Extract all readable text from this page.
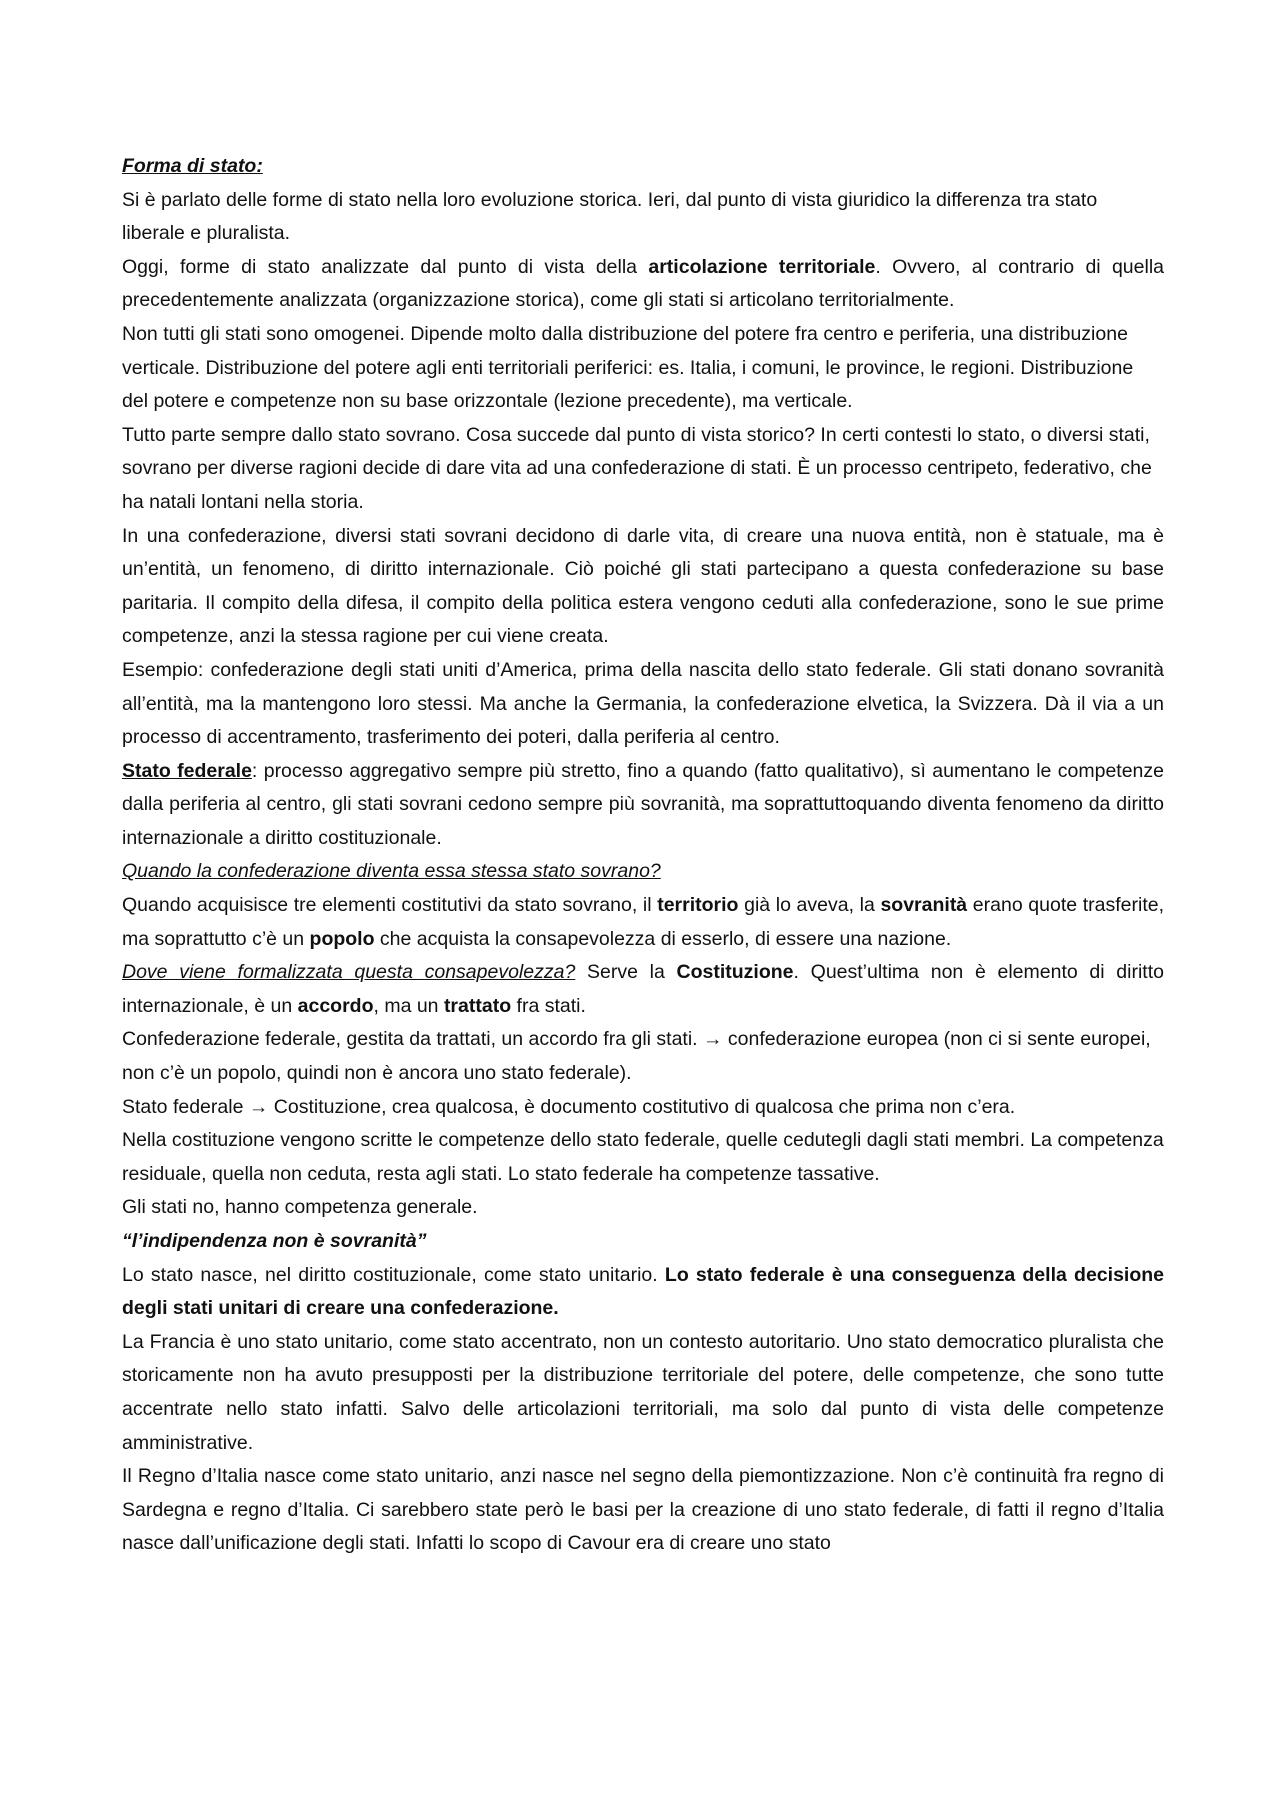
Forma di stato:

Si è parlato delle forme di stato nella loro evoluzione storica. Ieri, dal punto di vista giuridico la differenza tra stato liberale e pluralista.

Oggi, forme di stato analizzate dal punto di vista della articolazione territoriale. Ovvero, al contrario di quella precedentemente analizzata (organizzazione storica), come gli stati si articolano territorialmente.

Non tutti gli stati sono omogenei. Dipende molto dalla distribuzione del potere fra centro e periferia, una distribuzione verticale. Distribuzione del potere agli enti territoriali periferici: es. Italia, i comuni, le province, le regioni. Distribuzione del potere e competenze non su base orizzontale (lezione precedente), ma verticale.

Tutto parte sempre dallo stato sovrano. Cosa succede dal punto di vista storico? In certi contesti lo stato, o diversi stati, sovrano per diverse ragioni decide di dare vita ad una confederazione di stati. È un processo centripeto, federativo, che ha natali lontani nella storia.

In una confederazione, diversi stati sovrani decidono di darle vita, di creare una nuova entità, non è statuale, ma è un’entità, un fenomeno, di diritto internazionale. Ciò poiché gli stati partecipano a questa confederazione su base paritaria. Il compito della difesa, il compito della politica estera vengono ceduti alla confederazione, sono le sue prime competenze, anzi la stessa ragione per cui viene creata.

Esempio: confederazione degli stati uniti d’America, prima della nascita dello stato federale. Gli stati donano sovranità all’entità, ma la mantengono loro stessi. Ma anche la Germania, la confederazione elvetica, la Svizzera. Dà il via a un processo di accentramento, trasferimento dei poteri, dalla periferia al centro.

Stato federale: processo aggregativo sempre più stretto, fino a quando (fatto qualitativo), sì aumentano le competenze dalla periferia al centro, gli stati sovrani cedono sempre più sovranità, ma soprattuttoquando diventa fenomeno da diritto internazionale a diritto costituzionale.

Quando la confederazione diventa essa stessa stato sovrano?

Quando acquisisce tre elementi costitutivi da stato sovrano, il territorio già lo aveva, la sovranità erano quote trasferite, ma soprattutto c’è un popolo che acquista la consapevolezza di esserlo, di essere una nazione.

Dove viene formalizzata questa consapevolezza? Serve la Costituzione. Quest’ultima non è elemento di diritto internazionale, è un accordo, ma un trattato fra stati.

Confederazione federale, gestita da trattati, un accordo fra gli stati. → confederazione europea (non ci si sente europei, non c’è un popolo, quindi non è ancora uno stato federale).

Stato federale → Costituzione, crea qualcosa, è documento costitutivo di qualcosa che prima non c’era.

Nella costituzione vengono scritte le competenze dello stato federale, quelle cedutegli dagli stati membri. La competenza residuale, quella non ceduta, resta agli stati. Lo stato federale ha competenze tassative.

Gli stati no, hanno competenza generale.

“l’indipendenza non è sovranità”

Lo stato nasce, nel diritto costituzionale, come stato unitario. Lo stato federale è una conseguenza della decisione degli stati unitari di creare una confederazione.

La Francia è uno stato unitario, come stato accentrato, non un contesto autoritario. Uno stato democratico pluralista che storicamente non ha avuto presupposti per la distribuzione territoriale del potere, delle competenze, che sono tutte accentrate nello stato infatti. Salvo delle articolazioni territoriali, ma solo dal punto di vista delle competenze amministrative.

Il Regno d’Italia nasce come stato unitario, anzi nasce nel segno della piemontizzazione. Non c’è continuità fra regno di Sardegna e regno d’Italia. Ci sarebbero state però le basi per la creazione di uno stato federale, di fatti il regno d’Italia nasce dall’unificazione degli stati. Infatti lo scopo di Cavour era di creare uno stato
